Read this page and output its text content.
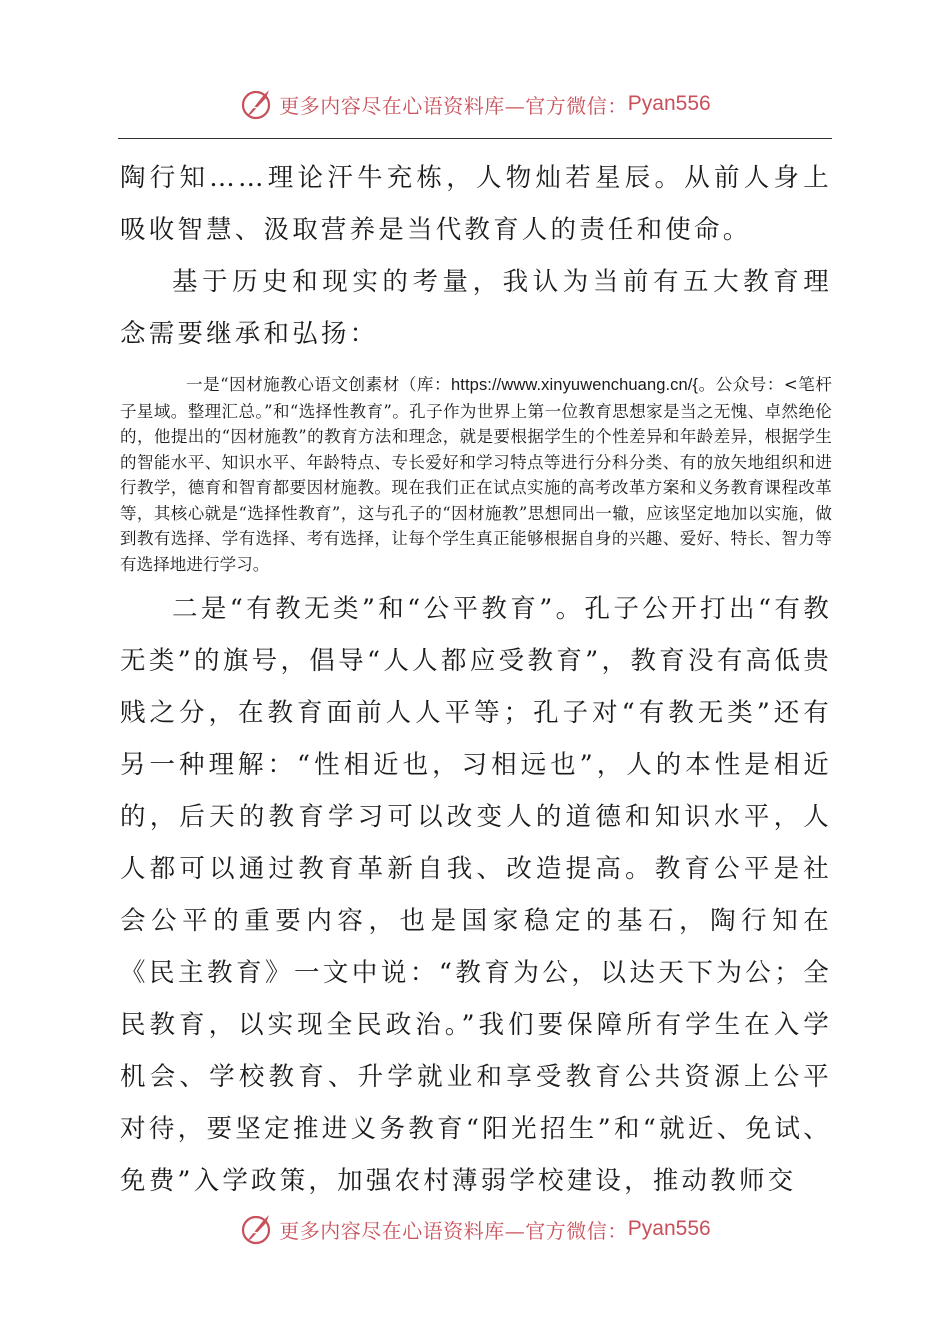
更多内容尽在心语资料库—官方微信： Pyan556

陶行知……理论汗牛充栋，人物灿若星辰。从前人身上吸收智慧、汲取营养是当代教育人的责任和使命。

基于历史和现实的考量，我认为当前有五大教育理念需要继承和弘扬：

一是“因材施教心语文创素材（库：https://www.xinyuwenchuang.cn/{。公众号：<笔杆子星域。整理汇总。”和“选择性教育”。孔子作为世界上第一位教育思想家是当之无愧、卓然绝伦的，他提出的“因材施教”的教育方法和理念，就是要根据学生的个性差异和年龄差异，根据学生的智能水平、知识水平、年龄特点、专长爱好和学习特点等进行分科分类、有的放矢地组织和进行教学，德育和智育都要因材施教。现在我们正在试点实施的高考改革方案和义务教育课程改革等，其核心就是“选择性教育”，这与孔子的“因材施教”思想同出一辙，应该坚定地加以实施，做到教有选择、学有选择、考有选择，让每个学生真正能够根据自身的兴趣、爱好、特长、智力等有选择地进行学习。

二是“有教无类”和“公平教育”。孔子公开打出“有教无类”的旗号，倡导“人人都应受教育”，教育没有高低贵贱之分，在教育面前人人平等；孔子对“有教无类”还有另一种理解：“性相近也，习相远也”，人的本性是相近的，后天的教育学习可以改变人的道德和知识水平，人人都可以通过教育革新自我、改造提高。教育公平是社会公平的重要内容，也是国家稳定的基石，陶行知在《民主教育》一文中说：“教育为公，以达天下为公；全民教育，以实现全民政治。”我们要保障所有学生在入学机会、学校教育、升学就业和享受教育公共资源上公平对待，要坚定推进义务教育“阳光招生”和“就近、免试、免费”入学政策，加强农村薄弱学校建设，推动教师交

更多内容尽在心语资料库—官方微信： Pyan556
